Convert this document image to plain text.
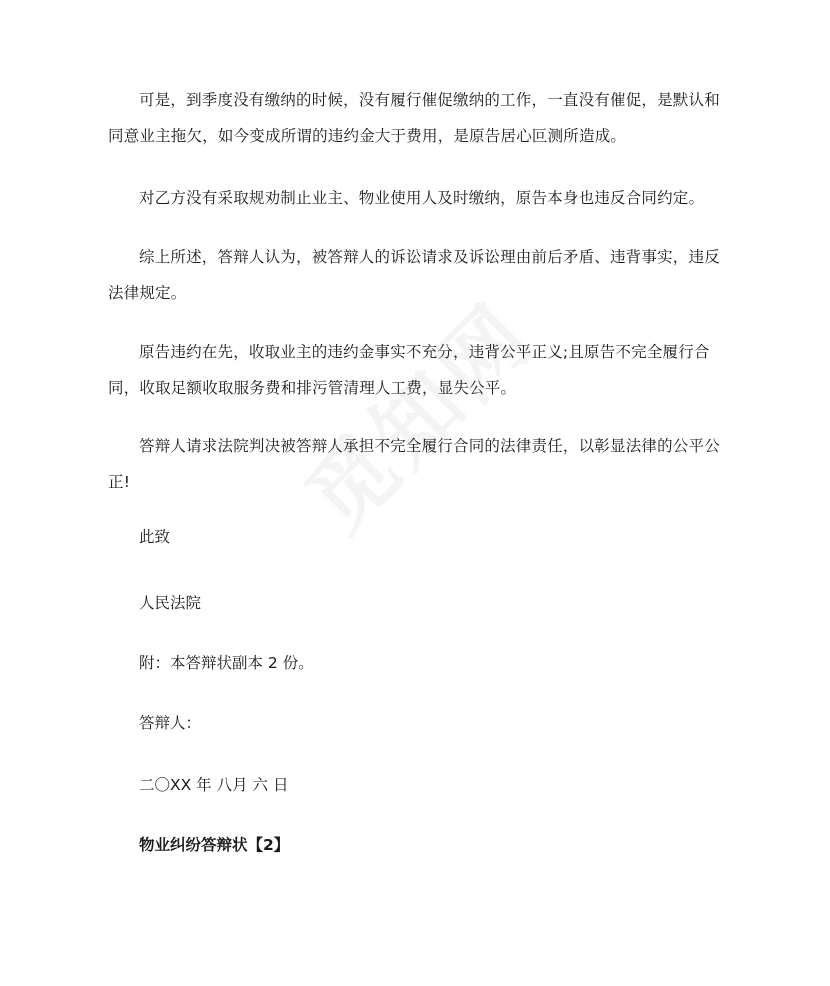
可是，到季度没有缴纳的时候，没有履行催促缴纳的工作，一直没有催促，是默认和同意业主拖欠，如今变成所谓的违约金大于费用，是原告居心叵测所造成。

对乙方没有采取规劝制止业主、物业使用人及时缴纳，原告本身也违反合同约定。

综上所述，答辩人认为，被答辩人的诉讼请求及诉讼理由前后矛盾、违背事实，违反法律规定。

原告违约在先，收取业主的违约金事实不充分，违背公平正义;且原告不完全履行合同，收取足额收取服务费和排污管清理人工费，显失公平。

答辩人请求法院判决被答辩人承担不完全履行合同的法律责任，以彰显法律的公平公正!

此致

人民法院

附：本答辩状副本 2 份。

答辩人：

二〇XX 年 八月 六 日

物业纠纷答辩状【2】
